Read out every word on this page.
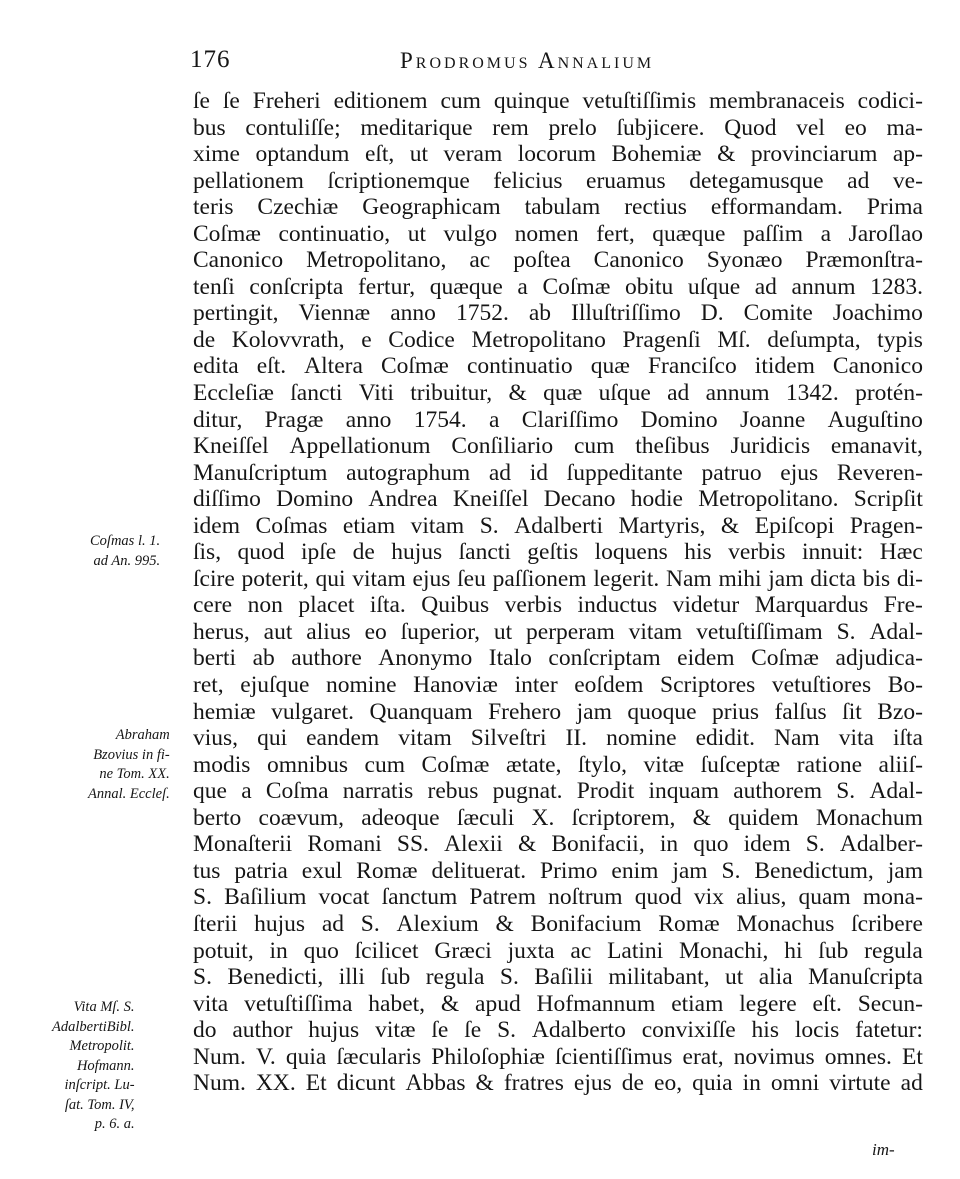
176	Prodromus Annalium
ſe ſe Freheri editionem cum quinque vetuſtiſſimis membranaceis codici-
bus contuliſſe; meditarique rem prelo ſubjicere. Quod vel eo ma-
xime optandum eſt, ut veram locorum Bohemiæ & provinciarum ap-
pellationem ſcriptionemque felicius eruamus detegamusque ad ve-
teris Czechiæ Geographicam tabulam rectius efformandam. Prima
Coſmæ continuatio, ut vulgo nomen fert, quæque paſſim a Jaroſlao
Canonico Metropolitano, ac poſtea Canonico Syonæo Præmonſtra-
tenſi conſcripta fertur, quæque a Coſmæ obitu uſque ad annum 1283.
pertingit, Viennæ anno 1752. ab Illuſtriſſimo D. Comite Joachimo
de Kolovvrath, e Codice Metropolitano Pragenſi Mſ. deſumpta, typis
edita eſt. Altera Coſmæ continuatio quæ Franciſco itidem Canonico
Eccleſiæ ſancti Viti tribuitur, & quæ uſque ad annum 1342. protén-
ditur, Pragæ anno 1754. a Clariſſimo Domino Joanne Auguſtino
Kneiſſel Appellationum Conſiliario cum theſibus Juridicis emanavit,
Manuſcriptum autographum ad id ſuppeditante patruo ejus Reveren-
diſſimo Domino Andrea Kneiſſel Decano hodie Metropolitano. Scripſit
idem Coſmas etiam vitam S. Adalberti Martyris, & Epiſcopi Pragen-
ſis, quod ipſe de hujus ſancti geſtis loquens his verbis innuit: Hæc
ſcire poterit, qui vitam ejus ſeu paſſionem legerit. Nam mihi jam dicta bis di-
cere non placet iſta. Quibus verbis inductus videtur Marquardus Fre-
herus, aut alius eo ſuperior, ut perperam vitam vetuſtiſſimam S. Adal-
berti ab authore Anonymo Italo conſcriptam eidem Coſmæ adjudica-
ret, ejuſque nomine Hanoviæ inter eoſdem Scriptores vetuſtiores Bo-
hemiæ vulgaret. Quanquam Frehero jam quoque prius falſus ſit Bzo-
vius, qui eandem vitam Silveſtri II. nomine edidit. Nam vita iſta
modis omnibus cum Coſmæ ætate, ſtylo, vitæ ſuſceptæ ratione aliiſ-
que a Coſma narratis rebus pugnat. Prodit inquam authorem S. Adal-
berto coævum, adeoque ſæculi X. ſcriptorem, & quidem Monachum
Monaſterii Romani SS. Alexii & Bonifacii, in quo idem S. Adalber-
tus patria exul Romæ delituerat. Primo enim jam S. Benedictum, jam
S. Baſilium vocat ſanctum Patrem noſtrum quod vix alius, quam mona-
ſterii hujus ad S. Alexium & Bonifacium Romæ Monachus ſcribere
potuit, in quo ſcilicet Græci juxta ac Latini Monachi, hi ſub regula
S. Benedicti, illi ſub regula S. Baſilii militabant, ut alia Manuſcripta
vita vetuſtiſſima habet, & apud Hofmannum etiam legere eſt. Secun-
do author hujus vitæ ſe ſe S. Adalberto convixiſſe his locis fatetur:
Num. V. quia ſæcularis Philoſophiæ ſcientiſſimus erat, novimus omnes. Et
Num. XX. Et dicunt Abbas & fratres ejus de eo, quia in omni virtute ad
Coſmas l. 1.
ad An. 995.
Abraham
Bzovius in fi-
ne Tom. XX.
Annal. Eccleſ.
Vita Mſ. S.
AdalbertiBibl.
Metropolit.
Hofmann.
inſcript. Lu-
ſat. Tom. IV,
p. 6. a.
im-
